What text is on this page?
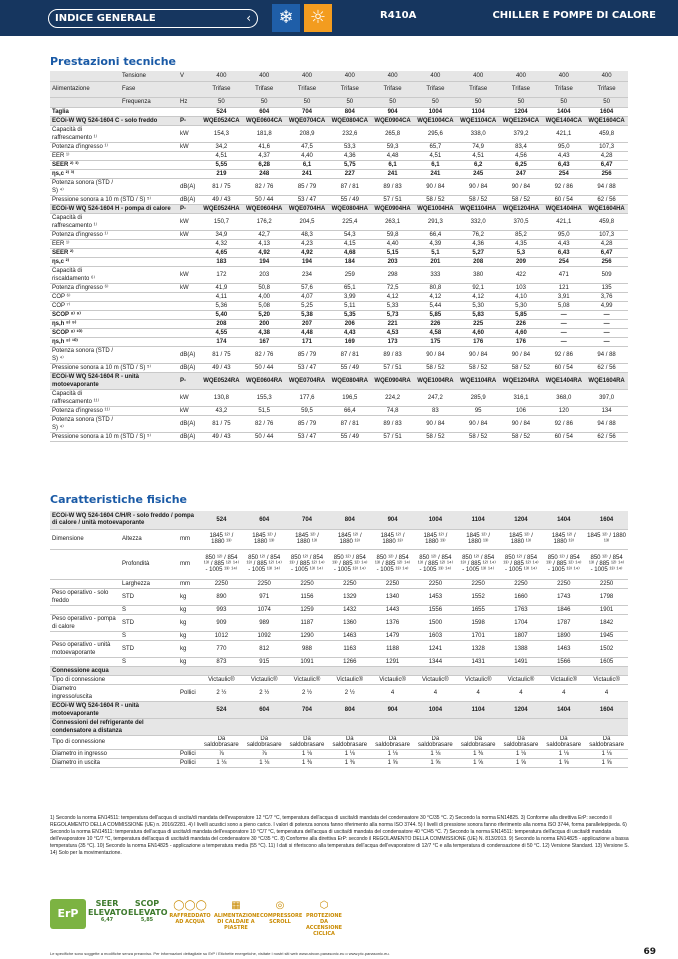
INDICE GENERALE	‹	❄ ☼	R410A	CHILLER E POMPE DI CALORE
Prestazioni tecniche
	Tensione	V	400	400	400	400	400	400	400	400	400	400
Alimentazione	Fase		Trifase	Trifase	Trifase	Trifase	Trifase	Trifase	Trifase	Trifase	Trifase	Trifase
	Frequenza	Hz	50	50	50	50	50	50	50	50	50	50
Taglia			524	604	704	804	904	1004	1104	1204	1404	1604
ECOi-W WQ 524-1604 C - solo freddo		P-	WQE0524CA	WQE0604CA	WQE0704CA	WQE0804CA	WQE0904CA	WQE1004CA	WQE1104CA	WQE1204CA	WQE1404CA	WQE1604CA
Capacità di raffrescamento ¹⁾		kW	154,3	181,8	208,9	232,6	265,8	295,6	338,0	379,2	421,1	459,8
Potenza d'ingresso ¹⁾		kW	34,2	41,6	47,5	53,3	59,3	65,7	74,9	83,4	95,0	107,3
EER ¹⁾			4,51	4,37	4,40	4,36	4,48	4,51	4,51	4,56	4,43	4,28
SEER ²⁾ ³⁾			5,55	6,28	6,1	5,75	6,1	6,1	6,2	6,25	6,43	6,47
ηs,c ²⁾ ³⁾			219	248	241	227	241	241	245	247	254	256
Potenza sonora (STD / S) ⁴⁾		dB(A)	81 / 75	82 / 76	85 / 79	87 / 81	89 / 83	90 / 84	90 / 84	90 / 84	92 / 86	94 / 88
Pressione sonora a 10 m (STD / S) ⁵⁾		dB(A)	49 / 43	50 / 44	53 / 47	55 / 49	57 / 51	58 / 52	58 / 52	58 / 52	60 / 54	62 / 56
ECOi-W WQ 524-1604 H - pompa di calore		P-	WQE0524HA	WQE0604HA	WQE0704HA	WQE0804HA	WQE0904HA	WQE1004HA	WQE1104HA	WQE1204HA	WQE1404HA	WQE1604HA
Capacità di raffrescamento ¹⁾		kW	150,7	176,2	204,5	225,4	263,1	291,3	332,0	370,5	421,1	459,8
Potenza d'ingresso ¹⁾		kW	34,9	42,7	48,3	54,3	59,8	66,4	76,2	85,2	95,0	107,3
EER ¹⁾			4,32	4,13	4,23	4,15	4,40	4,39	4,36	4,35	4,43	4,28
SEER ²⁾			4,65	4,92	4,92	4,68	5,15	5,1	5,27	5,3	6,43	6,47
ηs,c ²⁾			183	194	194	184	203	201	208	209	254	256
Capacità di riscaldamento ⁶⁾		kW	172	203	234	259	298	333	380	422	471	509
Potenza d'ingresso ⁶⁾		kW	41,9	50,8	57,6	65,1	72,5	80,8	92,1	103	121	135
COP ⁶⁾			4,11	4,00	4,07	3,99	4,12	4,12	4,12	4,10	3,91	3,76
COP ⁷⁾			5,36	5,08	5,25	5,11	5,33	5,44	5,30	5,30	5,08	4,99
SCOP ⁸⁾ ⁹⁾			5,40	5,20	5,38	5,35	5,73	5,85	5,83	5,85	—	—
ηs,h ⁸⁾ ⁹⁾			208	200	207	206	221	226	225	226	—	—
SCOP ⁸⁾ ¹⁰⁾			4,55	4,38	4,48	4,43	4,53	4,58	4,60	4,60	—	—
ηs,h ⁸⁾ ¹⁰⁾			174	167	171	169	173	175	176	176	—	—
Potenza sonora (STD / S) ⁴⁾		dB(A)	81 / 75	82 / 76	85 / 79	87 / 81	89 / 83	90 / 84	90 / 84	90 / 84	92 / 86	94 / 88
Pressione sonora a 10 m (STD / S) ⁵⁾		dB(A)	49 / 43	50 / 44	53 / 47	55 / 49	57 / 51	58 / 52	58 / 52	58 / 52	60 / 54	62 / 56
ECOi-W WQ 524-1604 R - unità motoevaporante		P-	WQE0524RA	WQE0604RA	WQE0704RA	WQE0804RA	WQE0904RA	WQE1004RA	WQE1104RA	WQE1204RA	WQE1404RA	WQE1604RA
Capacità di raffrescamento ¹¹⁾		kW	130,8	155,3	177,6	196,5	224,2	247,2	285,9	316,1	368,0	397,0
Potenza d'ingresso ¹¹⁾		kW	43,2	51,5	59,5	66,4	74,8	83	95	106	120	134
Potenza sonora (STD / S) ⁴⁾		dB(A)	81 / 75	82 / 76	85 / 79	87 / 81	89 / 83	90 / 84	90 / 84	90 / 84	92 / 86	94 / 88
Pressione sonora a 10 m (STD / S) ⁵⁾		dB(A)	49 / 43	50 / 44	53 / 47	55 / 49	57 / 51	58 / 52	58 / 52	58 / 52	60 / 54	62 / 56
Caratteristiche fisiche
ECOi-W WQ 524-1604 C/H/R - solo freddo / pompa di calore / unità motoevaporante			524	604	704	804	904	1004	1104	1204	1404	1604
Dimensione	Altezza	mm	1845 ¹²⁾ / 1880 ¹³⁾	1845 ¹²⁾ / 1880 ¹³⁾	1845 ¹²⁾ / 1880 ¹³⁾	1845 ¹²⁾ / 1880 ¹³⁾	1845 ¹²⁾ / 1880 ¹³⁾	1845 ¹²⁾ / 1880 ¹³⁾	1845 ¹²⁾ / 1880 ¹³⁾	1845 ¹²⁾ / 1880 ¹³⁾	1845 ¹²⁾ / 1880 ¹³⁾	1845 ¹²⁾ / 1880 ¹³⁾
	Profondità	mm	850 ¹²⁾ / 854 ¹³⁾ / 885 ¹²⁾ ¹⁴⁾ - 1005 ¹³⁾ ¹⁴⁾	850 ¹²⁾ / 854 ¹³⁾ / 885 ¹²⁾ ¹⁴⁾ - 1005 ¹³⁾ ¹⁴⁾	850 ¹²⁾ / 854 ¹³⁾ / 885 ¹²⁾ ¹⁴⁾ - 1005 ¹³⁾ ¹⁴⁾	850 ¹²⁾ / 854 ¹³⁾ / 885 ¹²⁾ ¹⁴⁾ - 1005 ¹³⁾ ¹⁴⁾	850 ¹²⁾ / 854 ¹³⁾ / 885 ¹²⁾ ¹⁴⁾ - 1005 ¹³⁾ ¹⁴⁾	850 ¹²⁾ / 854 ¹³⁾ / 885 ¹²⁾ ¹⁴⁾ - 1005 ¹³⁾ ¹⁴⁾	850 ¹²⁾ / 854 ¹³⁾ / 885 ¹²⁾ ¹⁴⁾ - 1005 ¹³⁾ ¹⁴⁾	850 ¹²⁾ / 854 ¹³⁾ / 885 ¹²⁾ ¹⁴⁾ - 1005 ¹³⁾ ¹⁴⁾	850 ¹²⁾ / 854 ¹³⁾ / 885 ¹²⁾ ¹⁴⁾ - 1005 ¹³⁾ ¹⁴⁾	850 ¹²⁾ / 854 ¹³⁾ / 885 ¹²⁾ ¹⁴⁾ - 1005 ¹³⁾ ¹⁴⁾
	Larghezza	mm	2250	2250	2250	2250	2250	2250	2250	2250	2250	2250
Peso operativo - solo freddo	STD	kg	890	971	1156	1329	1340	1453	1552	1660	1743	1798
	S	kg	993	1074	1259	1432	1443	1556	1655	1763	1846	1901
Peso operativo - pompa di calore	STD	kg	909	989	1187	1360	1376	1500	1598	1704	1787	1842
	S	kg	1012	1092	1290	1463	1479	1603	1701	1807	1890	1945
Peso operativo - unità motoevaporante	STD	kg	770	812	988	1163	1188	1241	1328	1388	1463	1502
	S	kg	873	915	1091	1266	1291	1344	1431	1491	1566	1605
Connessione acqua												
Tipo di connessione			Victaulic®	Victaulic®	Victaulic®	Victaulic®	Victaulic®	Victaulic®	Victaulic®	Victaulic®	Victaulic®	Victaulic®
Diametro ingresso/uscita		Pollici	2 ½	2 ½	2 ½	2 ½	4	4	4	4	4	4
ECOi-W WQ 524-1604 R - unità motoevaporante			524	604	704	804	904	1004	1104	1204	1404	1604
Connessioni del refrigerante del condensatore a distanza												
Tipo di connessione			Da saldobrasare	Da saldobrasare	Da saldobrasare	Da saldobrasare	Da saldobrasare	Da saldobrasare	Da saldobrasare	Da saldobrasare	Da saldobrasare	Da saldobrasare
Diametro in ingresso		Pollici	⅞	⅞	1 ⅛	1 ⅛	1 ⅛	1 ⅛	1 ⅜	1 ⅛	1 ⅛	1 ⅛
Diametro in uscita		Pollici	1 ⅛	1 ⅛	1 ⅜	1 ⅜	1 ⅝	1 ⅝	1 ⅝	1 ⅝	1 ⅝	1 ⅝
1) Secondo la norma EN14511: temperatura dell'acqua di uscita/di mandata dell'evaporatore 12 °C/7 °C, temperatura dell'acqua di uscita/di mandata del condensatore 30 °C/35 °C. 2) Secondo la norma EN14825. 3) Conforme alla direttiva ErP: secondo il REGOLAMENTO DELLA COMMISSIONE (UE) n. 2016/2281. 4) I livelli acustici sono a pieno carico. I valori di potenza sonora fanno riferimento alla norma ISO 3744. 5) I livelli di pressione sonora fanno riferimento alla norma ISO 3744, forma parallelepipeda. 6) Secondo la norma EN14511: temperatura dell'acqua di uscita/di mandata dell'evaporatore 10 °C/7 °C, temperatura dell'acqua di uscita/di mandata del condensatore 40 °C/45 °C. 7) Secondo la norma EN14511: temperatura dell'acqua di uscita/di mandata dell'evaporatore 10 °C/7 °C, temperatura dell'acqua di uscita/di mandata del condensatore 30 °C/35 °C. 8) Conforme alla direttiva ErP: secondo il REGOLAMENTO DELLA COMMISSIONE (UE) N. 813/2013. 9) Secondo la norma EN14825 - applicazione a bassa temperatura (35 °C). 10) Secondo la norma EN14825 - applicazione a temperatura media (55 °C). 11) I dati si riferiscono alla temperatura dell'acqua dell'evaporatore di 12/7 °C e alla temperatura di condensazione di 50 °C. 12) Versione Standard. 13) Versione S. 14) Solo per la movimentazione.
ErP
SEER ELEVATO
6,47
SCOP ELEVATO
5,85
◯◯◯
RAFFREDDATO AD ACQUA
▦
ALIMENTAZIONE DI CALDAIE A PIASTRE
◎
COMPRESSORE SCROLL
⬡
PROTEZIONE DA ACCENSIONE CICLICA
Le specifiche sono soggette a modifiche senza preavviso. Per informazioni dettagliate su ErP / Etichette energetiche, visitate i nostri siti web www.aircon.panasonic.eu o www.ptc.panasonic.eu.	69
